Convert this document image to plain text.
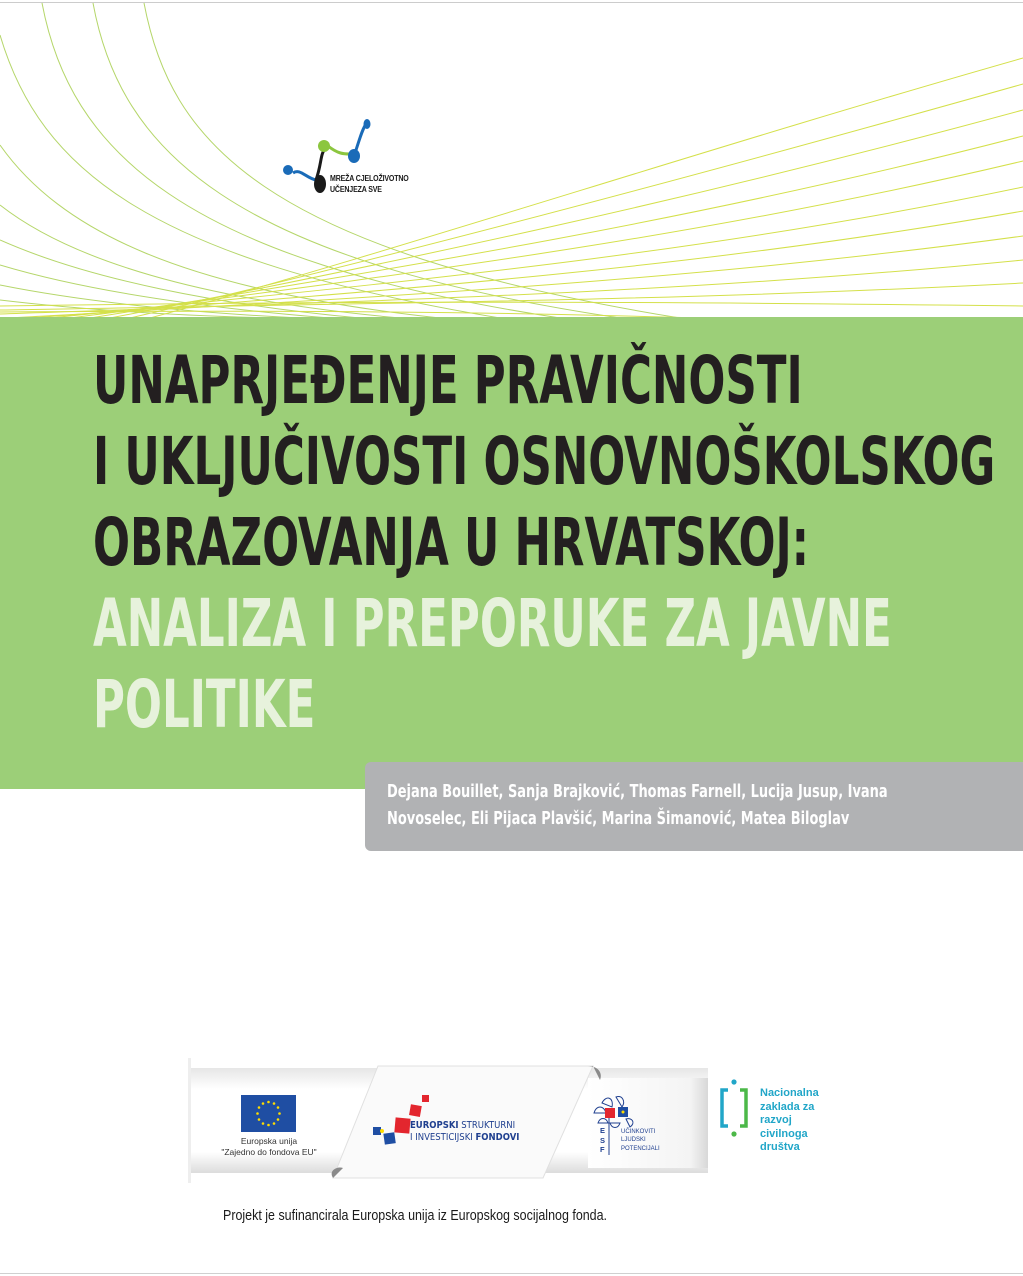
MREŽA CJELOŽIVOTNO
UČENJEZA SVE
UNAPRJEĐENJE PRAVIČNOSTI
I UKLJUČIVOSTI OSNOVNOŠKOLSKOG
OBRAZOVANJA U HRVATSKOJ:
ANALIZA I PREPORUKE ZA JAVNE
POLITIKE
Dejana Bouillet, Sanja Brajković, Thomas Farnell, Lucija Jusup, Ivana
Novoselec, Eli Pijaca Plavšić, Marina Šimanović, Matea Biloglav
Europska unija
"Zajedno do fondova EU"
EUROPSKI STRUKTURNI
I INVESTICIJSKI FONDOVI
E
S
F
UČINKOVITI
LJUDSKI
POTENCIJALI
Nacionalna
zaklada za
razvoj
civilnoga
društva
Projekt je sufinancirala Europska unija iz Europskog socijalnog fonda.
